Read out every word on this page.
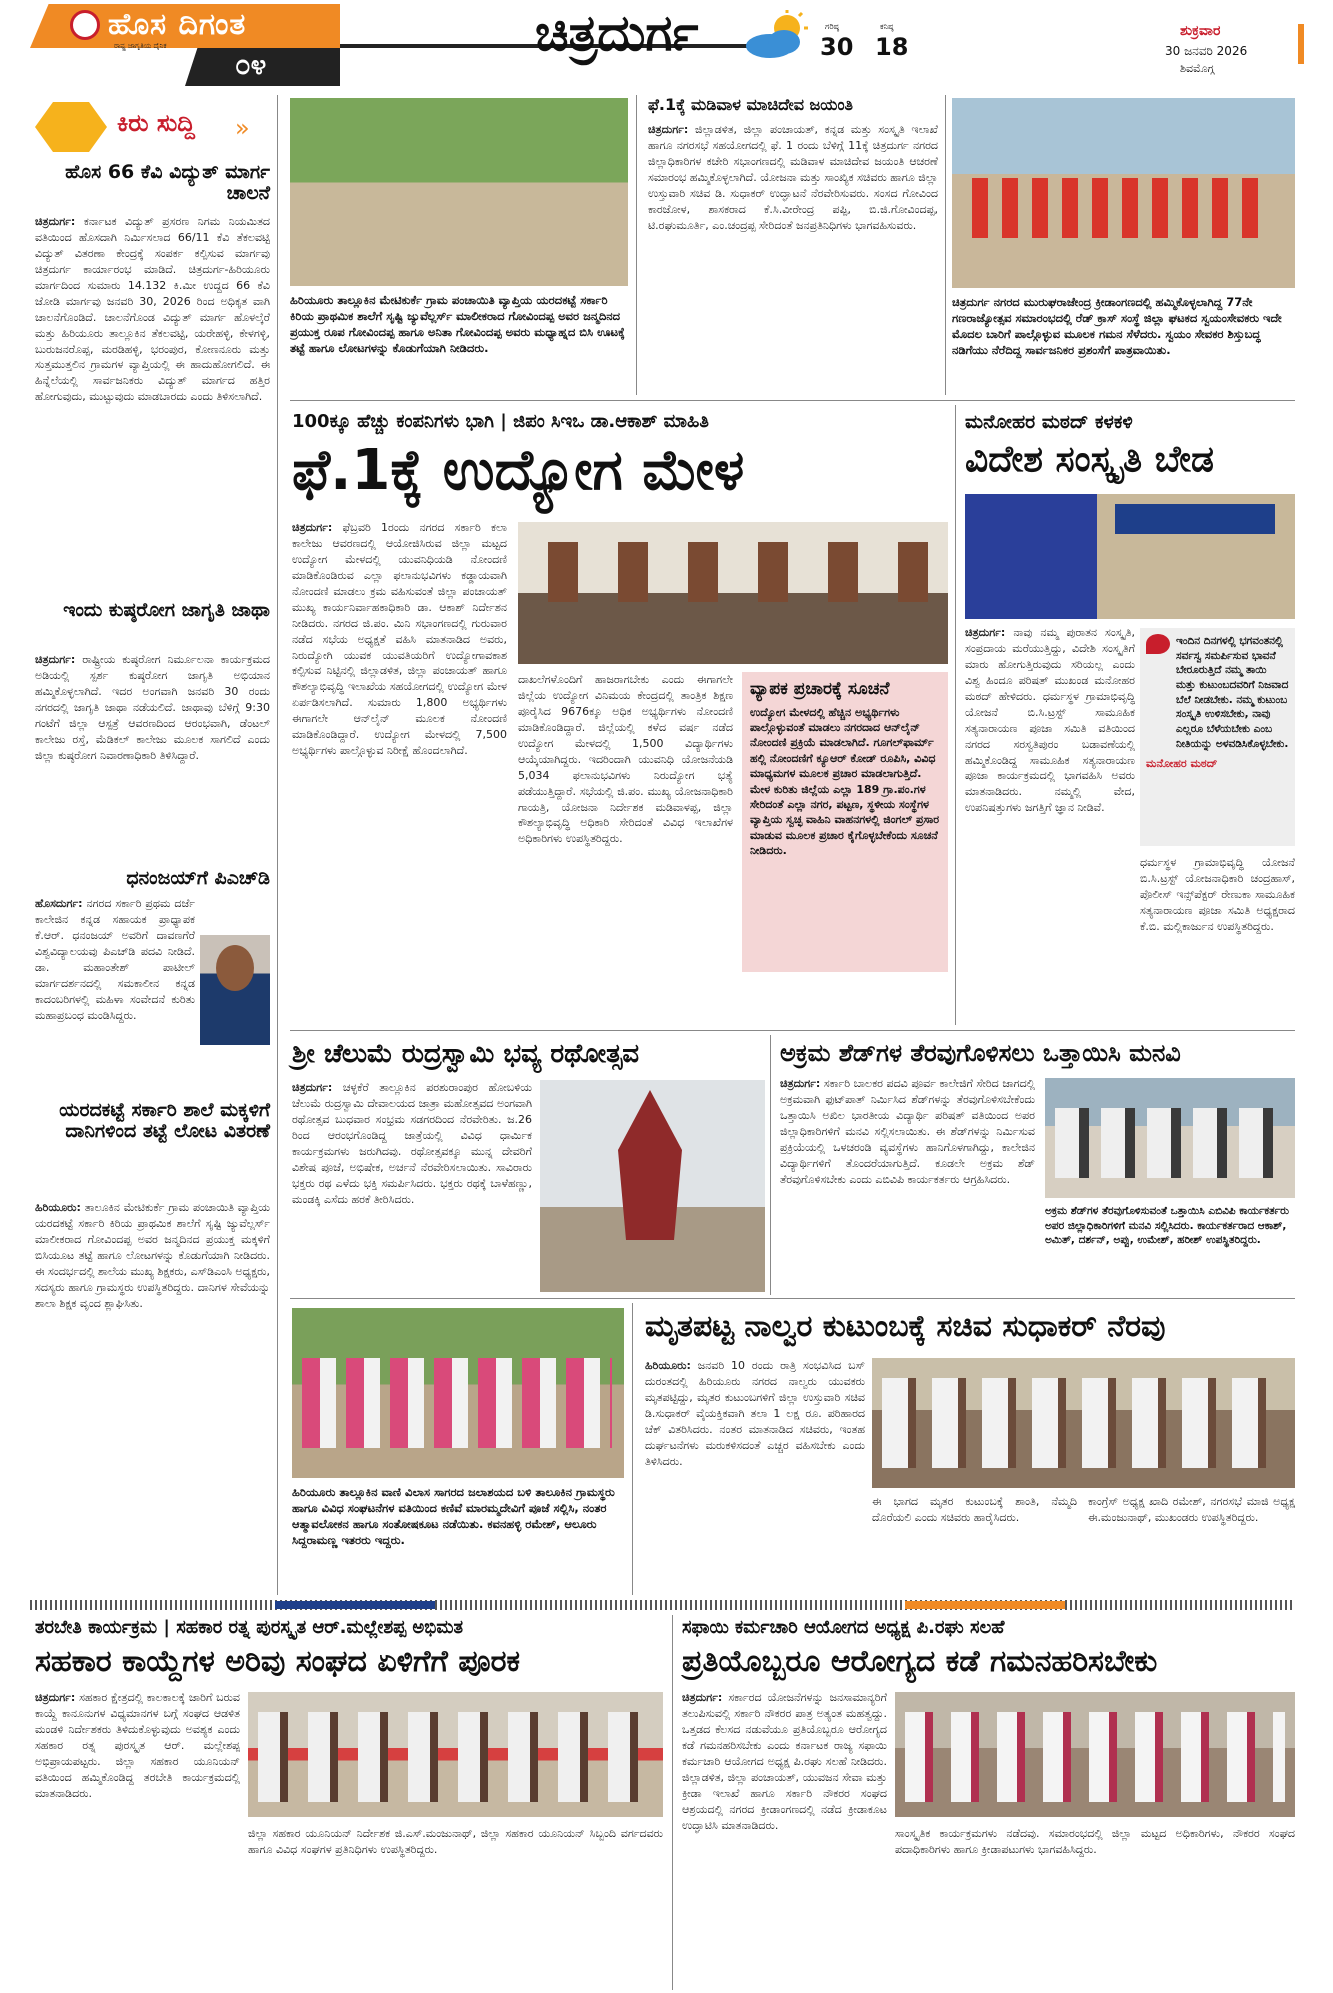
ಹೊಸ ದಿಗಂತ
ರಾಷ್ಟ್ರ ಜಾಗೃತಿಯ ದೈನಿಕ
೦೪
ಚಿತ್ರದುರ್ಗ	ಗರಿಷ್ಠ
30
ಕನಿಷ್ಠ
18
ಶುಕ್ರವಾರ
30 ಜನವರಿ 2026
ಶಿವಮೊಗ್ಗ
ಕಿರು ಸುದ್ದಿ »
ಹೊಸ 66 ಕೆವಿ ವಿದ್ಯುತ್ ಮಾರ್ಗ ಚಾಲನೆ
ಚಿತ್ರದುರ್ಗ: ಕರ್ನಾಟಕ ವಿದ್ಯುತ್ ಪ್ರಸರಣ ನಿಗಮ ನಿಯಮಿತದ ವತಿಯಿಂದ ಹೊಸದಾಗಿ ನಿರ್ಮಿಸಲಾದ 66/11 ಕೆವಿ ತೆಕಲವಟ್ಟಿ ವಿದ್ಯುತ್ ವಿತರಣಾ ಕೇಂದ್ರಕ್ಕೆ ಸಂಪರ್ಕ ಕಲ್ಪಿಸುವ ಮಾರ್ಗವು ಚಿತ್ರದುರ್ಗ ಕಾರ್ಯಾರಂಭ ಮಾಡಿದೆ. ಚಿತ್ರದುರ್ಗ-ಹಿರಿಯೂರು ಮಾರ್ಗದಿಂದ ಸುಮಾರು 14.132 ಕಿ.ಮೀ ಉದ್ದದ 66 ಕೆವಿ ಜೋಡಿ ಮಾರ್ಗವು ಜನವರಿ 30, 2026 ರಿಂದ ಅಧಿಕೃತ ವಾಗಿ ಚಾಲನೆಗೊಂಡಿದೆ. ಚಾಲನೆಗೊಂಡ ವಿದ್ಯುತ್ ಮಾರ್ಗ ಹೊಳಲ್ಕೆರೆ ಮತ್ತು ಹಿರಿಯೂರು ತಾಲ್ಲೂಕಿನ ತೆಕಲವಟ್ಟಿ, ಯರೇಹಳ್ಳಿ, ಕೇಳಗಳ್ಳಿ, ಬುರುಜನರೊಪ್ಪ, ಮರಡಿಹಳ್ಳಿ, ಭರಂಪುರ, ಕೋಣನೂರು ಮತ್ತು ಸುತ್ತಮುತ್ತಲಿನ ಗ್ರಾಮಗಳ ವ್ಯಾಪ್ತಿಯಲ್ಲಿ ಈ ಹಾದುಹೋಗಲಿದೆ. ಈ ಹಿನ್ನೆಲೆಯಲ್ಲಿ ಸಾರ್ವಜನಿಕರು ವಿದ್ಯುತ್ ಮಾರ್ಗದ ಹತ್ತಿರ ಹೋಗುವುದು, ಮುಟ್ಟುವುದು ಮಾಡಬಾರದು ಎಂದು ತಿಳಿಸಲಾಗಿದೆ.
ಇಂದು ಕುಷ್ಠರೋಗ ಜಾಗೃತಿ ಜಾಥಾ
ಚಿತ್ರದುರ್ಗ: ರಾಷ್ಟ್ರೀಯ ಕುಷ್ಠರೋಗ ನಿರ್ಮೂಲನಾ ಕಾರ್ಯಕ್ರಮದ ಅಡಿಯಲ್ಲಿ ಸ್ಪರ್ಶ ಕುಷ್ಠರೋಗ ಜಾಗೃತಿ ಅಭಿಯಾನ ಹಮ್ಮಿಕೊಳ್ಳಲಾಗಿದೆ. ಇದರ ಅಂಗವಾಗಿ ಜನವರಿ 30 ರಂದು ನಗರದಲ್ಲಿ ಜಾಗೃತಿ ಜಾಥಾ ನಡೆಯಲಿದೆ. ಜಾಥಾವು ಬೆಳಿಗ್ಗೆ 9:30 ಗಂಟೆಗೆ ಜಿಲ್ಲಾ ಆಸ್ಪತ್ರೆ ಆವರಣದಿಂದ ಆರಂಭವಾಗಿ, ಡೆಂಟಲ್ ಕಾಲೇಜು ರಸ್ತೆ, ಮೆಡಿಕಲ್ ಕಾಲೇಜು ಮೂಲಕ ಸಾಗಲಿದೆ ಎಂದು ಜಿಲ್ಲಾ ಕುಷ್ಠರೋಗ ನಿವಾರಣಾಧಿಕಾರಿ ತಿಳಿಸಿದ್ದಾರೆ.
ಧನಂಜಯ್‌ಗೆ ಪಿಎಚ್‌ಡಿ
ಹೊಸದುರ್ಗ: ನಗರದ ಸರ್ಕಾರಿ ಪ್ರಥಮ ದರ್ಜೆ ಕಾಲೇಜಿನ ಕನ್ನಡ ಸಹಾಯಕ ಪ್ರಾಧ್ಯಾಪಕ ಕೆ.ಆರ್. ಧನಂಜಯ್ ಅವರಿಗೆ ದಾವಣಗೆರೆ ವಿಶ್ವವಿದ್ಯಾಲಯವು ಪಿಎಚ್‌ಡಿ ಪದವಿ ನೀಡಿದೆ. ಡಾ. ಮಹಾಂತೇಶ್ ಪಾಟೀಲ್ ಮಾರ್ಗದರ್ಶನದಲ್ಲಿ ಸಮಕಾಲೀನ ಕನ್ನಡ ಕಾದಂಬರಿಗಳಲ್ಲಿ ಮಹಿಳಾ ಸಂವೇದನೆ ಕುರಿತು ಮಹಾಪ್ರಬಂಧ ಮಂಡಿಸಿದ್ದರು.
ಯರದಕಟ್ಟೆ ಸರ್ಕಾರಿ ಶಾಲೆ ಮಕ್ಕಳಿಗೆ ದಾನಿಗಳಿಂದ ತಟ್ಟೆ ಲೋಟ ವಿತರಣೆ
ಹಿರಿಯೂರು: ತಾಲೂಕಿನ ಮೇಟಿಕುರ್ಕೆ ಗ್ರಾಮ ಪಂಚಾಯಿತಿ ವ್ಯಾಪ್ತಿಯ ಯರದಕಟ್ಟೆ ಸರ್ಕಾರಿ ಕಿರಿಯ ಪ್ರಾಥಮಿಕ ಶಾಲೆಗೆ ಸೃಷ್ಟಿ ಜ್ಯುವೆಲ್ಲರ್ಸ್ ಮಾಲೀಕರಾದ ಗೋವಿಂದಪ್ಪ ಅವರ ಜನ್ಮದಿನದ ಪ್ರಯುಕ್ತ ಮಕ್ಕಳಿಗೆ ಬಿಸಿಯೂಟ ತಟ್ಟೆ ಹಾಗೂ ಲೋಟಗಳನ್ನು ಕೊಡುಗೆಯಾಗಿ ನೀಡಿದರು. ಈ ಸಂದರ್ಭದಲ್ಲಿ ಶಾಲೆಯ ಮುಖ್ಯ ಶಿಕ್ಷಕರು, ಎಸ್‌ಡಿಎಂಸಿ ಅಧ್ಯಕ್ಷರು, ಸದಸ್ಯರು ಹಾಗೂ ಗ್ರಾಮಸ್ಥರು ಉಪಸ್ಥಿತರಿದ್ದರು. ದಾನಿಗಳ ಸೇವೆಯನ್ನು ಶಾಲಾ ಶಿಕ್ಷಕ ವೃಂದ ಶ್ಲಾಘಿಸಿತು.
ಹಿರಿಯೂರು ತಾಲ್ಲೂಕಿನ ಮೇಟಿಕುರ್ಕೆ ಗ್ರಾಮ ಪಂಚಾಯಿತಿ ವ್ಯಾಪ್ತಿಯ ಯರದಕಟ್ಟೆ ಸರ್ಕಾರಿ ಕಿರಿಯ ಪ್ರಾಥಮಿಕ ಶಾಲೆಗೆ ಸೃಷ್ಟಿ ಜ್ಯುವೆಲ್ಲರ್ಸ್ ಮಾಲೀಕರಾದ ಗೋವಿಂದಪ್ಪ ಅವರ ಜನ್ಮದಿನದ ಪ್ರಯುಕ್ತ ರೂಪ ಗೋವಿಂದಪ್ಪ ಹಾಗೂ ಅನಿತಾ ಗೋವಿಂದಪ್ಪ ಅವರು ಮಧ್ಯಾಹ್ನದ ಬಿಸಿ ಊಟಕ್ಕೆ ತಟ್ಟೆ ಹಾಗೂ ಲೋಟಗಳನ್ನು ಕೊಡುಗೆಯಾಗಿ ನೀಡಿದರು.
ಫೆ.1ಕ್ಕೆ ಮಡಿವಾಳ ಮಾಚಿದೇವ ಜಯಂತಿ
ಚಿತ್ರದುರ್ಗ: ಜಿಲ್ಲಾಡಳಿತ, ಜಿಲ್ಲಾ ಪಂಚಾಯತ್, ಕನ್ನಡ ಮತ್ತು ಸಂಸ್ಕೃತಿ ಇಲಾಖೆ ಹಾಗೂ ನಗರಸಭೆ ಸಹಯೋಗದಲ್ಲಿ ಫೆ. 1 ರಂದು ಬೆಳಿಗ್ಗೆ 11ಕ್ಕೆ ಚಿತ್ರದುರ್ಗ ನಗರದ ಜಿಲ್ಲಾಧಿಕಾರಿಗಳ ಕಚೇರಿ ಸಭಾಂಗಣದಲ್ಲಿ ಮಡಿವಾಳ ಮಾಚಿದೇವ ಜಯಂತಿ ಆಚರಣೆ ಸಮಾರಂಭ ಹಮ್ಮಿಕೊಳ್ಳಲಾಗಿದೆ. ಯೋಜನಾ ಮತ್ತು ಸಾಂಖ್ಯಿಕ ಸಚಿವರು ಹಾಗೂ ಜಿಲ್ಲಾ ಉಸ್ತುವಾರಿ ಸಚಿವ ಡಿ. ಸುಧಾಕರ್ ಉದ್ಘಾಟನೆ ನೆರವೇರಿಸುವರು. ಸಂಸದ ಗೋವಿಂದ ಕಾರಜೋಳ, ಶಾಸಕರಾದ ಕೆ.ಸಿ.ವೀರೇಂದ್ರ ಪಪ್ಪಿ, ಬಿ.ಜಿ.ಗೋವಿಂದಪ್ಪ, ಟಿ.ರಘುಮೂರ್ತಿ, ಎಂ.ಚಂದ್ರಪ್ಪ ಸೇರಿದಂತೆ ಜನಪ್ರತಿನಿಧಿಗಳು ಭಾಗವಹಿಸುವರು.
ಚಿತ್ರದುರ್ಗ ನಗರದ ಮುರುಘರಾಜೇಂದ್ರ ಕ್ರೀಡಾಂಗಣದಲ್ಲಿ ಹಮ್ಮಿಕೊಳ್ಳಲಾಗಿದ್ದ 77ನೇ ಗಣರಾಜ್ಯೋತ್ಸವ ಸಮಾರಂಭದಲ್ಲಿ ರೆಡ್ ಕ್ರಾಸ್ ಸಂಸ್ಥೆ ಜಿಲ್ಲಾ ಘಟಕದ ಸ್ವಯಂಸೇವಕರು ಇದೇ ಮೊದಲ ಬಾರಿಗೆ ಪಾಲ್ಗೊಳ್ಳುವ ಮೂಲಕ ಗಮನ ಸೆಳೆದರು. ಸ್ವಯಂ ಸೇವಕರ ಶಿಸ್ತುಬದ್ಧ ನಡಿಗೆಯು ನೆರೆದಿದ್ದ ಸಾರ್ವಜನಿಕರ ಪ್ರಶಂಸೆಗೆ ಪಾತ್ರವಾಯಿತು.
100ಕ್ಕೂ ಹೆಚ್ಚು ಕಂಪನಿಗಳು ಭಾಗಿ | ಜಿಪಂ ಸಿಇಒ ಡಾ.ಆಕಾಶ್ ಮಾಹಿತಿ
ಫೆ.1ಕ್ಕೆ ಉದ್ಯೋಗ ಮೇಳ
ಚಿತ್ರದುರ್ಗ: ಫೆಬ್ರವರಿ 1ರಂದು ನಗರದ ಸರ್ಕಾರಿ ಕಲಾ ಕಾಲೇಜು ಆವರಣದಲ್ಲಿ ಆಯೋಜಿಸಿರುವ ಜಿಲ್ಲಾ ಮಟ್ಟದ ಉದ್ಯೋಗ ಮೇಳದಲ್ಲಿ ಯುವನಿಧಿಯಡಿ ನೋಂದಣಿ ಮಾಡಿಕೊಂಡಿರುವ ಎಲ್ಲಾ ಫಲಾನುಭವಿಗಳು ಕಡ್ಡಾಯವಾಗಿ ನೋಂದಣಿ ಮಾಡಲು ಕ್ರಮ ವಹಿಸುವಂತೆ ಜಿಲ್ಲಾ ಪಂಚಾಯತ್ ಮುಖ್ಯ ಕಾರ್ಯನಿರ್ವಾಹಕಾಧಿಕಾರಿ ಡಾ. ಆಕಾಶ್ ನಿರ್ದೇಶನ ನೀಡಿದರು. ನಗರದ ಜಿ.ಪಂ. ಮಿನಿ ಸಭಾಂಗಣದಲ್ಲಿ ಗುರುವಾರ ನಡೆದ ಸಭೆಯ ಅಧ್ಯಕ್ಷತೆ ವಹಿಸಿ ಮಾತನಾಡಿದ ಅವರು, ನಿರುದ್ಯೋಗಿ ಯುವಕ ಯುವತಿಯರಿಗೆ ಉದ್ಯೋಗಾವಕಾಶ ಕಲ್ಪಿಸುವ ನಿಟ್ಟಿನಲ್ಲಿ ಜಿಲ್ಲಾಡಳಿತ, ಜಿಲ್ಲಾ ಪಂಚಾಯತ್ ಹಾಗೂ ಕೌಶಲ್ಯಾಭಿವೃದ್ಧಿ ಇಲಾಖೆಯ ಸಹಯೋಗದಲ್ಲಿ ಉದ್ಯೋಗ ಮೇಳ ಏರ್ಪಡಿಸಲಾಗಿದೆ. ಸುಮಾರು 1,800 ಅಭ್ಯರ್ಥಿಗಳು ಈಗಾಗಲೇ ಆನ್‌ಲೈನ್ ಮೂಲಕ ನೋಂದಣಿ ಮಾಡಿಕೊಂಡಿದ್ದಾರೆ. ಉದ್ಯೋಗ ಮೇಳದಲ್ಲಿ 7,500 ಅಭ್ಯರ್ಥಿಗಳು ಪಾಲ್ಗೊಳ್ಳುವ ನಿರೀಕ್ಷೆ ಹೊಂದಲಾಗಿದೆ.
ದಾಖಲೆಗಳೊಂದಿಗೆ ಹಾಜರಾಗಬೇಕು ಎಂದು ಈಗಾಗಲೇ ಜಿಲ್ಲೆಯ ಉದ್ಯೋಗ ವಿನಿಮಯ ಕೇಂದ್ರದಲ್ಲಿ ತಾಂತ್ರಿಕ ಶಿಕ್ಷಣ ಪೂರೈಸಿದ 9676ಕ್ಕೂ ಅಧಿಕ ಅಭ್ಯರ್ಥಿಗಳು ನೋಂದಣಿ ಮಾಡಿಕೊಂಡಿದ್ದಾರೆ. ಜಿಲ್ಲೆಯಲ್ಲಿ ಕಳೆದ ವರ್ಷ ನಡೆದ ಉದ್ಯೋಗ ಮೇಳದಲ್ಲಿ 1,500 ವಿದ್ಯಾರ್ಥಿಗಳು ಆಯ್ಕೆಯಾಗಿದ್ದರು. ಇದರಿಂದಾಗಿ ಯುವನಿಧಿ ಯೋಜನೆಯಡಿ 5,034 ಫಲಾನುಭವಿಗಳು ನಿರುದ್ಯೋಗ ಭತ್ಯೆ ಪಡೆಯುತ್ತಿದ್ದಾರೆ. ಸಭೆಯಲ್ಲಿ ಜಿ.ಪಂ. ಮುಖ್ಯ ಯೋಜನಾಧಿಕಾರಿ ಗಾಯತ್ರಿ, ಯೋಜನಾ ನಿರ್ದೇಶಕ ಮಡಿವಾಳಪ್ಪ, ಜಿಲ್ಲಾ ಕೌಶಲ್ಯಾಭಿವೃದ್ಧಿ ಅಧಿಕಾರಿ ಸೇರಿದಂತೆ ವಿವಿಧ ಇಲಾಖೆಗಳ ಅಧಿಕಾರಿಗಳು ಉಪಸ್ಥಿತರಿದ್ದರು.
ವ್ಯಾಪಕ ಪ್ರಚಾರಕ್ಕೆ ಸೂಚನೆ
ಉದ್ಯೋಗ ಮೇಳದಲ್ಲಿ ಹೆಚ್ಚಿನ ಅಭ್ಯರ್ಥಿಗಳು ಪಾಲ್ಗೊಳ್ಳುವಂತೆ ಮಾಡಲು ನಗರದಾದ ಆನ್‌ಲೈನ್ ನೋಂದಣಿ ಪ್ರಕ್ರಿಯೆ ಮಾಡಲಾಗಿದೆ. ಗೂಗಲ್‌ಫಾರ್ಮ್ ಹಲ್ಲಿ ನೋಂದಣಿಗೆ ಕ್ಯೂಆರ್ ಕೋಡ್ ರೂಪಿಸಿ, ವಿವಿಧ ಮಾಧ್ಯಮಗಳ ಮೂಲಕ ಪ್ರಚಾರ ಮಾಡಲಾಗುತ್ತಿದೆ. ಮೇಳ ಕುರಿತು ಜಿಲ್ಲೆಯ ಎಲ್ಲಾ 189 ಗ್ರಾ.ಪಂ.ಗಳ ಸೇರಿದಂತೆ ಎಲ್ಲಾ ನಗರ, ಪಟ್ಟಣ, ಸ್ಥಳೀಯ ಸಂಸ್ಥೆಗಳ ವ್ಯಾಪ್ತಿಯ ಸ್ವಚ್ಛ ವಾಹಿನಿ ವಾಹನಗಳಲ್ಲಿ ಜಿಂಗಲ್ ಪ್ರಸಾರ ಮಾಡುವ ಮೂಲಕ ಪ್ರಚಾರ ಕೈಗೊಳ್ಳಬೇಕೆಂದು ಸೂಚನೆ ನೀಡಿದರು.
ಮನೋಹರ ಮಠದ್ ಕಳಕಳಿ
ವಿದೇಶ ಸಂಸ್ಕೃತಿ ಬೇಡ
ಚಿತ್ರದುರ್ಗ: ನಾವು ನಮ್ಮ ಪುರಾತನ ಸಂಸ್ಕೃತಿ, ಸಂಪ್ರದಾಯ ಮರೆಯುತ್ತಿದ್ದು, ವಿದೇಶಿ ಸಂಸ್ಕೃತಿಗೆ ಮಾರು ಹೋಗುತ್ತಿರುವುದು ಸರಿಯಲ್ಲ ಎಂದು ವಿಶ್ವ ಹಿಂದೂ ಪರಿಷತ್ ಮುಖಂಡ ಮನೋಹರ ಮಠದ್ ಹೇಳಿದರು. ಧರ್ಮಸ್ಥಳ ಗ್ರಾಮಾಭಿವೃದ್ಧಿ ಯೋಜನೆ ಬಿ.ಸಿ.ಟ್ರಸ್ಟ್ ಸಾಮೂಹಿಕ ಸತ್ಯನಾರಾಯಣ ಪೂಜಾ ಸಮಿತಿ ವತಿಯಿಂದ ನಗರದ ಸರಸ್ವತಿಪುರಂ ಬಡಾವಣೆಯಲ್ಲಿ ಹಮ್ಮಿಕೊಂಡಿದ್ದ ಸಾಮೂಹಿಕ ಸತ್ಯನಾರಾಯಣ ಪೂಜಾ ಕಾರ್ಯಕ್ರಮದಲ್ಲಿ ಭಾಗವಹಿಸಿ ಅವರು ಮಾತನಾಡಿದರು. ನಮ್ಮಲ್ಲಿ ವೇದ, ಉಪನಿಷತ್ತುಗಳು ಜಗತ್ತಿಗೆ ಜ್ಞಾನ ನೀಡಿವೆ.
ಇಂದಿನ ದಿನಗಳಲ್ಲಿ ಭಗವಂತನಲ್ಲಿ ಸರ್ವಸ್ವ ಸಮರ್ಪಿಸುವ ಭಾವನೆ ಬೇರೂರುತ್ತಿದೆ ನಮ್ಮ ತಾಯಿ ಮತ್ತು ಕುಟುಂಬದವರಿಗೆ ನಿಜವಾದ ಬೆಲೆ ನೀಡಬೇಕು. ನಮ್ಮ ಕುಟುಂಬ ಸಂಸ್ಕೃತಿ ಉಳಿಸಬೇಕು, ನಾವು ಎಲ್ಲರೂ ಬೆಳೆಯಬೇಕು ಎಂಬ ನೀತಿಯನ್ನು ಅಳವಡಿಸಿಕೊಳ್ಳಬೇಕು.
ಮನೋಹರ ಮಠದ್
ಧರ್ಮಸ್ಥಳ ಗ್ರಾಮಾಭಿವೃದ್ಧಿ ಯೋಜನೆ ಬಿ.ಸಿ.ಟ್ರಸ್ಟ್ ಯೋಜನಾಧಿಕಾರಿ ಚಂದ್ರಹಾಸ್, ಪೊಲೀಸ್ ಇನ್ಸ್‌ಪೆಕ್ಟರ್ ರೇಣುಕಾ ಸಾಮೂಹಿಕ ಸತ್ಯನಾರಾಯಣ ಪೂಜಾ ಸಮಿತಿ ಅಧ್ಯಕ್ಷರಾದ ಕೆ.ಬಿ. ಮಲ್ಲಿಕಾರ್ಜುನ ಉಪಸ್ಥಿತರಿದ್ದರು.
ಶ್ರೀ ಚೆಲುಮೆ ರುದ್ರಸ್ವಾಮಿ ಭವ್ಯ ರಥೋತ್ಸವ
ಚಿತ್ರದುರ್ಗ: ಚಳ್ಳಕೆರೆ ತಾಲ್ಲೂಕಿನ ಪರಶುರಾಂಪುರ ಹೋಬಳಿಯ ಚೆಲುಮೆ ರುದ್ರಸ್ವಾಮಿ ದೇವಾಲಯದ ಜಾತ್ರಾ ಮಹೋತ್ಸವದ ಅಂಗವಾಗಿ ರಥೋತ್ಸವ ಬುಧವಾರ ಸಂಭ್ರಮ ಸಡಗರದಿಂದ ನೆರವೇರಿತು. ಜ.26 ರಿಂದ ಆರಂಭಗೊಂಡಿದ್ದ ಜಾತ್ರೆಯಲ್ಲಿ ವಿವಿಧ ಧಾರ್ಮಿಕ ಕಾರ್ಯಕ್ರಮಗಳು ಜರುಗಿದವು. ರಥೋತ್ಸವಕ್ಕೂ ಮುನ್ನ ದೇವರಿಗೆ ವಿಶೇಷ ಪೂಜೆ, ಅಭಿಷೇಕ, ಅರ್ಚನೆ ನೆರವೇರಿಸಲಾಯಿತು. ಸಾವಿರಾರು ಭಕ್ತರು ರಥ ಎಳೆದು ಭಕ್ತಿ ಸಮರ್ಪಿಸಿದರು. ಭಕ್ತರು ರಥಕ್ಕೆ ಬಾಳೆಹಣ್ಣು, ಮಂಡಕ್ಕಿ ಎಸೆದು ಹರಕೆ ತೀರಿಸಿದರು.
ಅಕ್ರಮ ಶೆಡ್‌ಗಳ ತೆರವುಗೊಳಿಸಲು ಒತ್ತಾಯಿಸಿ ಮನವಿ
ಚಿತ್ರದುರ್ಗ: ಸರ್ಕಾರಿ ಬಾಲಕರ ಪದವಿ ಪೂರ್ವ ಕಾಲೇಜಿಗೆ ಸೇರಿದ ಜಾಗದಲ್ಲಿ ಅಕ್ರಮವಾಗಿ ಫುಟ್‌ಪಾತ್ ನಿರ್ಮಿಸಿದ ಶೆಡ್‌ಗಳನ್ನು ತೆರವುಗೊಳಿಸಬೇಕೆಂದು ಒತ್ತಾಯಿಸಿ ಅಖಿಲ ಭಾರತೀಯ ವಿದ್ಯಾರ್ಥಿ ಪರಿಷತ್ ವತಿಯಿಂದ ಅಪರ ಜಿಲ್ಲಾಧಿಕಾರಿಗಳಿಗೆ ಮನವಿ ಸಲ್ಲಿಸಲಾಯಿತು. ಈ ಶೆಡ್‌ಗಳನ್ನು ನಿರ್ಮಿಸುವ ಪ್ರಕ್ರಿಯೆಯಲ್ಲಿ ಒಳಚರಂಡಿ ವ್ಯವಸ್ಥೆಗಳು ಹಾನಿಗೊಳಗಾಗಿದ್ದು, ಕಾಲೇಜಿನ ವಿದ್ಯಾರ್ಥಿಗಳಿಗೆ ತೊಂದರೆಯಾಗುತ್ತಿದೆ. ಕೂಡಲೇ ಅಕ್ರಮ ಶೆಡ್ ತೆರವುಗೊಳಿಸಬೇಕು ಎಂದು ಎಬಿವಿಪಿ ಕಾರ್ಯಕರ್ತರು ಆಗ್ರಹಿಸಿದರು.
ಅಕ್ರಮ ಶೆಡ್‌ಗಳ ತೆರವುಗೊಳಿಸುವಂತೆ ಒತ್ತಾಯಿಸಿ ಎಬಿವಿಪಿ ಕಾರ್ಯಕರ್ತರು ಅಪರ ಜಿಲ್ಲಾಧಿಕಾರಿಗಳಿಗೆ ಮನವಿ ಸಲ್ಲಿಸಿದರು. ಕಾರ್ಯಕರ್ತರಾದ ಆಕಾಶ್, ಅಮಿತ್, ದರ್ಶನ್, ಅಪ್ಪು, ಉಮೇಶ್, ಹರೀಶ್ ಉಪಸ್ಥಿತರಿದ್ದರು.
ಹಿರಿಯೂರು ತಾಲ್ಲೂಕಿನ ವಾಣಿ ವಿಲಾಸ ಸಾಗರದ ಜಲಾಶಯದ ಬಳಿ ತಾಲೂಕಿನ ಗ್ರಾಮಸ್ಥರು ಹಾಗೂ ವಿವಿಧ ಸಂಘಟನೆಗಳ ವತಿಯಿಂದ ಕಣಿವೆ ಮಾರಮ್ಮದೇವಿಗೆ ಪೂಜೆ ಸಲ್ಲಿಸಿ, ನಂತರ ಆತ್ಮಾವಲೋಕನ ಹಾಗೂ ಸಂತೋಷಕೂಟ ನಡೆಯಿತು. ಕವನಹಳ್ಳಿ ರಮೇಶ್, ಆಲೂರು ಸಿದ್ದರಾಮಣ್ಣ ಇತರರು ಇದ್ದರು.
ಮೃತಪಟ್ಟ ನಾಲ್ವರ ಕುಟುಂಬಕ್ಕೆ ಸಚಿವ ಸುಧಾಕರ್ ನೆರವು
ಹಿರಿಯೂರು: ಜನವರಿ 10 ರಂದು ರಾತ್ರಿ ಸಂಭವಿಸಿದ ಬಸ್ ದುರಂತದಲ್ಲಿ ಹಿರಿಯೂರು ನಗರದ ನಾಲ್ವರು ಯುವಕರು ಮೃತಪಟ್ಟಿದ್ದು, ಮೃತರ ಕುಟುಂಬಗಳಿಗೆ ಜಿಲ್ಲಾ ಉಸ್ತುವಾರಿ ಸಚಿವ ಡಿ.ಸುಧಾಕರ್ ವೈಯಕ್ತಿಕವಾಗಿ ತಲಾ 1 ಲಕ್ಷ ರೂ. ಪರಿಹಾರದ ಚೆಕ್ ವಿತರಿಸಿದರು. ನಂತರ ಮಾತನಾಡಿದ ಸಚಿವರು, ಇಂತಹ ದುರ್ಘಟನೆಗಳು ಮರುಕಳಿಸದಂತೆ ಎಚ್ಚರ ವಹಿಸಬೇಕು ಎಂದು ತಿಳಿಸಿದರು.
ಈ ಭಾಗದ ಮೃತರ ಕುಟುಂಬಕ್ಕೆ ಶಾಂತಿ, ನೆಮ್ಮದಿ ದೊರೆಯಲಿ ಎಂದು ಸಚಿವರು ಹಾರೈಸಿದರು.
ಕಾಂಗ್ರೆಸ್ ಅಧ್ಯಕ್ಷ ಖಾದಿ ರಮೇಶ್, ನಗರಸಭೆ ಮಾಜಿ ಅಧ್ಯಕ್ಷ ಈ.ಮಂಜುನಾಥ್, ಮುಖಂಡರು ಉಪಸ್ಥಿತರಿದ್ದರು.
ತರಬೇತಿ ಕಾರ್ಯಕ್ರಮ | ಸಹಕಾರ ರತ್ನ ಪುರಸ್ಕೃತ ಆರ್.ಮಲ್ಲೇಶಪ್ಪ ಅಭಿಮತ
ಸಹಕಾರ ಕಾಯ್ದೆಗಳ ಅರಿವು ಸಂಘದ ಏಳಿಗೆಗೆ ಪೂರಕ
ಚಿತ್ರದುರ್ಗ: ಸಹಕಾರ ಕ್ಷೇತ್ರದಲ್ಲಿ ಕಾಲಕಾಲಕ್ಕೆ ಜಾರಿಗೆ ಬರುವ ಕಾಯ್ದೆ ಕಾನೂನುಗಳ ವಿಧ್ಯಮಾನಗಳ ಬಗ್ಗೆ ಸಂಘದ ಆಡಳಿತ ಮಂಡಳಿ ನಿರ್ದೇಶಕರು ತಿಳಿದುಕೊಳ್ಳುವುದು ಅವಶ್ಯಕ ಎಂದು ಸಹಕಾರ ರತ್ನ ಪುರಸ್ಕೃತ ಆರ್. ಮಲ್ಲೇಶಪ್ಪ ಅಭಿಪ್ರಾಯಪಟ್ಟರು. ಜಿಲ್ಲಾ ಸಹಕಾರ ಯೂನಿಯನ್ ವತಿಯಿಂದ ಹಮ್ಮಿಕೊಂಡಿದ್ದ ತರಬೇತಿ ಕಾರ್ಯಕ್ರಮದಲ್ಲಿ ಮಾತನಾಡಿದರು.
ಜಿಲ್ಲಾ ಸಹಕಾರ ಯೂನಿಯನ್ ನಿರ್ದೇಶಕ ಜಿ.ಎಸ್.ಮಂಜುನಾಥ್, ಜಿಲ್ಲಾ ಸಹಕಾರ ಯೂನಿಯನ್ ಸಿಬ್ಬಂದಿ ವರ್ಗದವರು ಹಾಗೂ ವಿವಿಧ ಸಂಘಗಳ ಪ್ರತಿನಿಧಿಗಳು ಉಪಸ್ಥಿತರಿದ್ದರು.
ಸಫಾಯಿ ಕರ್ಮಚಾರಿ ಆಯೋಗದ ಅಧ್ಯಕ್ಷ ಪಿ.ರಘು ಸಲಹೆ
ಪ್ರತಿಯೊಬ್ಬರೂ ಆರೋಗ್ಯದ ಕಡೆ ಗಮನಹರಿಸಬೇಕು
ಚಿತ್ರದುರ್ಗ: ಸರ್ಕಾರದ ಯೋಜನೆಗಳನ್ನು ಜನಸಾಮಾನ್ಯರಿಗೆ ತಲುಪಿಸುವಲ್ಲಿ ಸರ್ಕಾರಿ ನೌಕರರ ಪಾತ್ರ ಅತ್ಯಂತ ಮಹತ್ವದ್ದು. ಒತ್ತಡದ ಕೆಲಸದ ನಡುವೆಯೂ ಪ್ರತಿಯೊಬ್ಬರೂ ಆರೋಗ್ಯದ ಕಡೆ ಗಮನಹರಿಸಬೇಕು ಎಂದು ಕರ್ನಾಟಕ ರಾಜ್ಯ ಸಫಾಯಿ ಕರ್ಮಚಾರಿ ಆಯೋಗದ ಅಧ್ಯಕ್ಷ ಪಿ.ರಘು ಸಲಹೆ ನೀಡಿದರು. ಜಿಲ್ಲಾಡಳಿತ, ಜಿಲ್ಲಾ ಪಂಚಾಯತ್, ಯುವಜನ ಸೇವಾ ಮತ್ತು ಕ್ರೀಡಾ ಇಲಾಖೆ ಹಾಗೂ ಸರ್ಕಾರಿ ನೌಕರರ ಸಂಘದ ಆಶ್ರಯದಲ್ಲಿ ನಗರದ ಕ್ರೀಡಾಂಗಣದಲ್ಲಿ ನಡೆದ ಕ್ರೀಡಾಕೂಟ ಉದ್ಘಾಟಿಸಿ ಮಾತನಾಡಿದರು.
ಸಾಂಸ್ಕೃತಿಕ ಕಾರ್ಯಕ್ರಮಗಳು ನಡೆದವು. ಸಮಾರಂಭದಲ್ಲಿ ಜಿಲ್ಲಾ ಮಟ್ಟದ ಅಧಿಕಾರಿಗಳು, ನೌಕರರ ಸಂಘದ ಪದಾಧಿಕಾರಿಗಳು ಹಾಗೂ ಕ್ರೀಡಾಪಟುಗಳು ಭಾಗವಹಿಸಿದ್ದರು.
